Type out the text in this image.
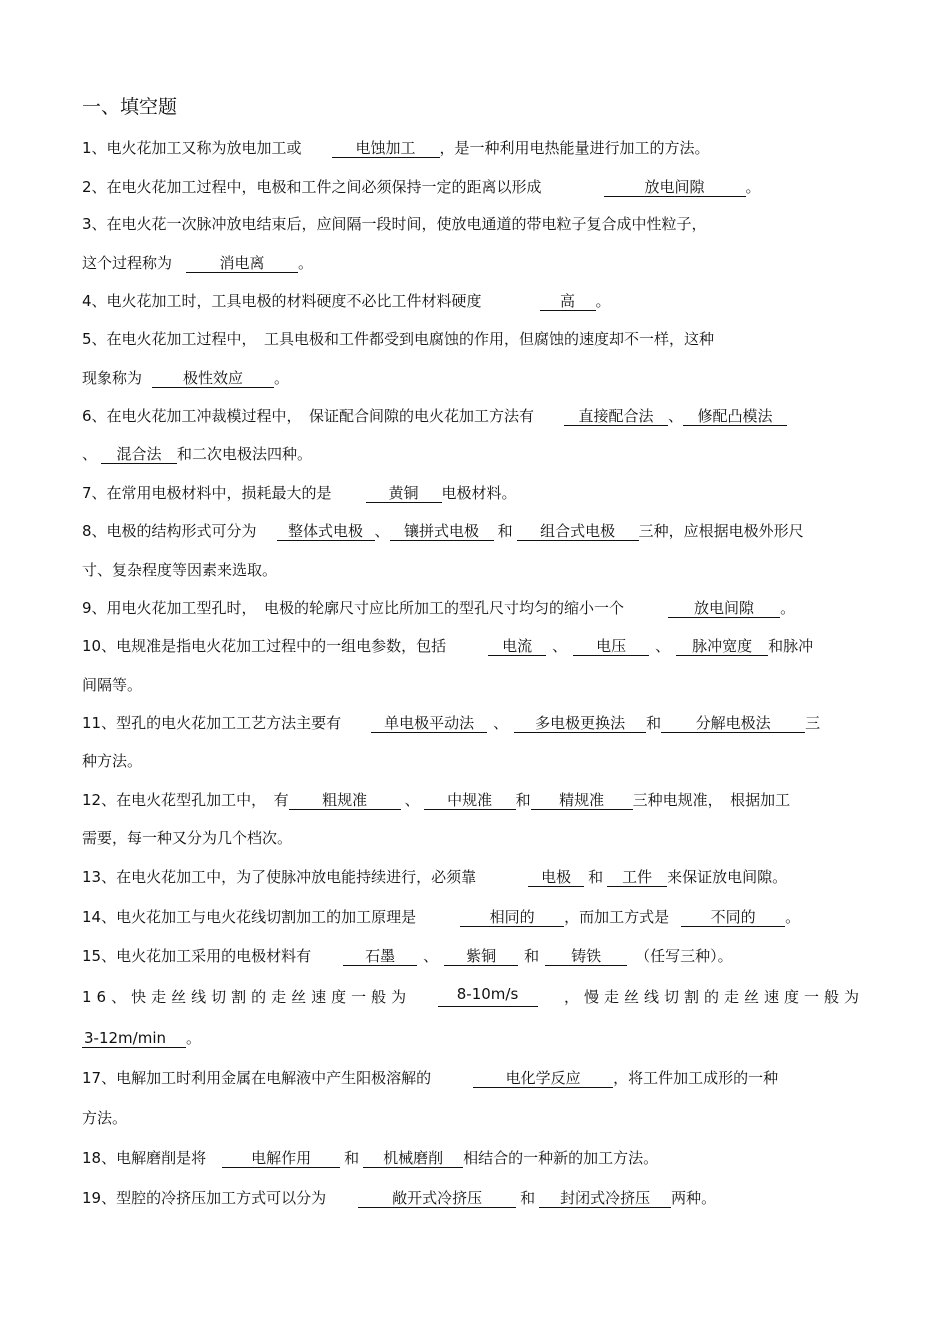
一、填空题
1、电火花加工又称为放电加工或	电蚀加工 ，是一种利用电热能量进行加工的方法。
2、在电火花加工过程中，电极和工件之间必须保持一定的距离以形成	放电间隙	。
3、在电火花一次脉冲放电结束后，应间隔一段时间，使放电通道的带电粒子复合成中性粒子，
这个过程称为	消电离 。
4、电火花加工时，工具电极的材料硬度不必比工件材料硬度	高 。
5、在电火花加工过程中，　工具电极和工件都受到电腐蚀的作用，但腐蚀的速度却不一样，这种
现象称为	极性效应 。
6、在电火花加工冲裁模过程中，　保证配合间隙的电火花加工方法有	直接配合法 、 修配凸模法
、 混合法 和二次电极法四种。
7、在常用电极材料中，损耗最大的是	黄铜 电极材料。
8、电极的结构形式可分为 整体式电极 、 镶拼式电极 和 组合式电极 三种，应根据电极外形尺
寸、复杂程度等因素来选取。
9、用电火花加工型孔时，　电极的轮廓尺寸应比所加工的型孔尺寸均匀的缩小一个	放电间隙 。
10、电规准是指电火花加工过程中的一组电参数，包括	电流 、 电压 、 脉冲宽度 和脉冲
间隔等。
11、型孔的电火花加工工艺方法主要有	单电极平动法 、 多电极更换法 和 分解电极法 三
种方法。
12、在电火花型孔加工中，　有 粗规准	、 中规准 和 精规准 三种电规准，　根据加工
需要，每一种又分为几个档次。
13、在电火花加工中，为了使脉冲放电能持续进行，必须靠	电极 和 工件 来保证放电间隙。
14、电火花加工与电火花线切割加工的加工原理是	相同的 ，而加工方式是	不同的 。
15、电火花加工采用的电极材料有	石墨 、 紫铜 和 铸铁 （任写三种）。
16、快走丝线切割的走丝速度一般为	8-10m/s	，慢走丝线切割的走丝速度一般为
3-12m/min 。
17、电解加工时利用金属在电解液中产生阳极溶解的	电化学反应 ，将工件加工成形的一种
方法。
18、电解磨削是将	电解作用 和 机械磨削 相结合的一种新的加工方法。
19、型腔的冷挤压加工方式可以分为	敞开式冷挤压	和 封闭式冷挤压 两种。
